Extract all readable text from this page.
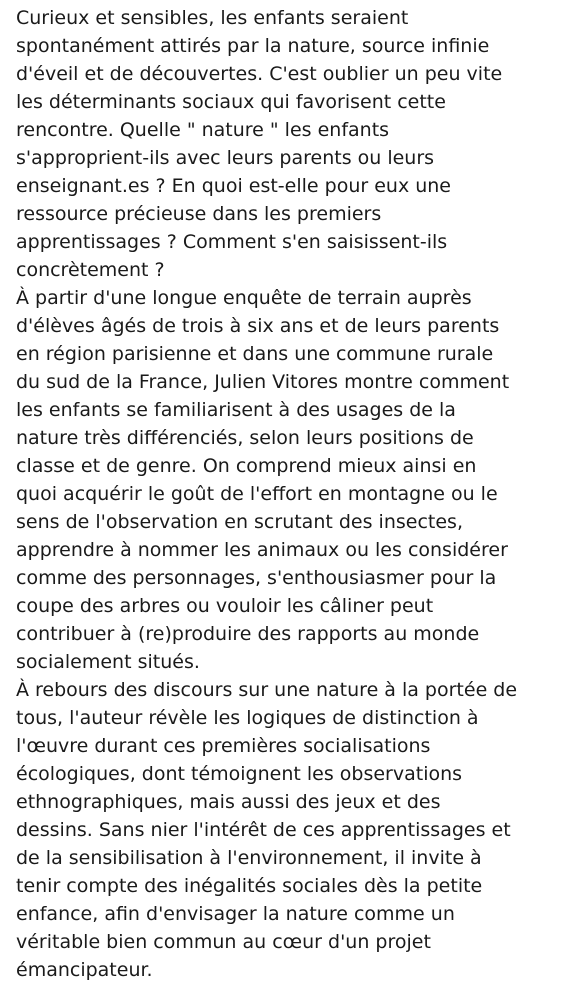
Curieux et sensibles, les enfants seraient
spontanément attirés par la nature, source infinie
d'éveil et de découvertes. C'est oublier un peu vite
les déterminants sociaux qui favorisent cette
rencontre. Quelle " nature " les enfants
s'approprient-ils avec leurs parents ou leurs
enseignant.es ? En quoi est-elle pour eux une
ressource précieuse dans les premiers
apprentissages ? Comment s'en saisissent-ils
concrètement ?
À partir d'une longue enquête de terrain auprès
d'élèves âgés de trois à six ans et de leurs parents
en région parisienne et dans une commune rurale
du sud de la France, Julien Vitores montre comment
les enfants se familiarisent à des usages de la
nature très différenciés, selon leurs positions de
classe et de genre. On comprend mieux ainsi en
quoi acquérir le goût de l'effort en montagne ou le
sens de l'observation en scrutant des insectes,
apprendre à nommer les animaux ou les considérer
comme des personnages, s'enthousiasmer pour la
coupe des arbres ou vouloir les câliner peut
contribuer à (re)produire des rapports au monde
socialement situés.
À rebours des discours sur une nature à la portée de
tous, l'auteur révèle les logiques de distinction à
l'œuvre durant ces premières socialisations
écologiques, dont témoignent les observations
ethnographiques, mais aussi des jeux et des
dessins. Sans nier l'intérêt de ces apprentissages et
de la sensibilisation à l'environnement, il invite à
tenir compte des inégalités sociales dès la petite
enfance, afin d'envisager la nature comme un
véritable bien commun au cœur d'un projet
émancipateur.
